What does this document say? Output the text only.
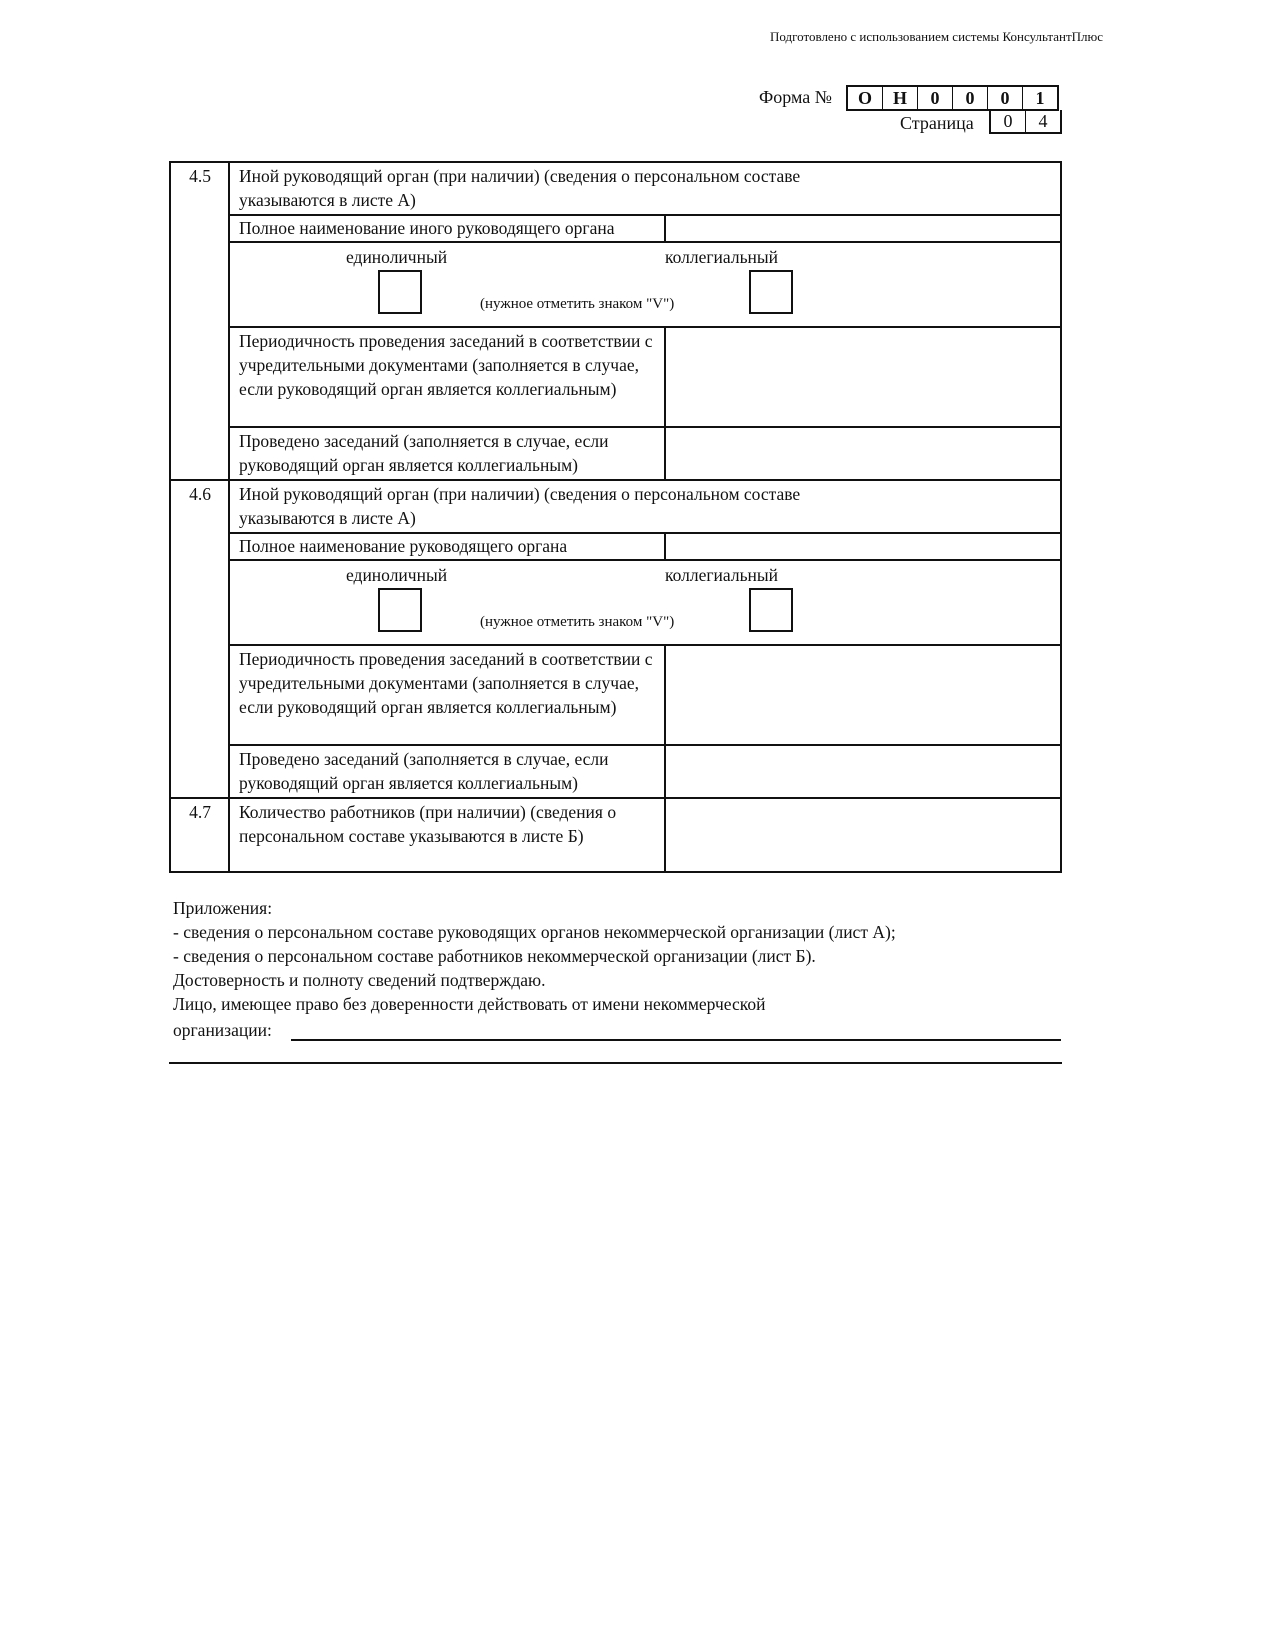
Подготовлено с использованием системы КонсультантПлюс
Форма №	О	Н	0	0	0	1
Страница	0	4
4.5	Иной руководящий орган (при наличии) (сведения о персональном составе указываются в листе А)	
	Полное наименование иного руководящего органа	

	единоличный
(нужное отметить знаком "V")
коллегиальный	

	Периодичность проведения заседаний в соответствии с учредительными документами (заполняется в случае, если руководящий орган является коллегиальным)	
	Проведено заседаний (заполняется в случае, если руководящий орган является коллегиальным)	
4.6	Иной руководящий орган (при наличии) (сведения о персональном составе указываются в листе А)	
	Полное наименование руководящего органа	

	единоличный
(нужное отметить знаком "V")
коллегиальный	

	Периодичность проведения заседаний в соответствии с учредительными документами (заполняется в случае, если руководящий орган является коллегиальным)	
	Проведено заседаний (заполняется в случае, если руководящий орган является коллегиальным)	
4.7	Количество работников (при наличии) (сведения о персональном составе указываются в листе Б)	
Приложения:
- сведения о персональном составе руководящих органов некоммерческой организации (лист А);
- сведения о персональном составе работников некоммерческой организации (лист Б).
Достоверность и полноту сведений подтверждаю.
Лицо, имеющее право без доверенности действовать от имени некоммерческой
организации:
